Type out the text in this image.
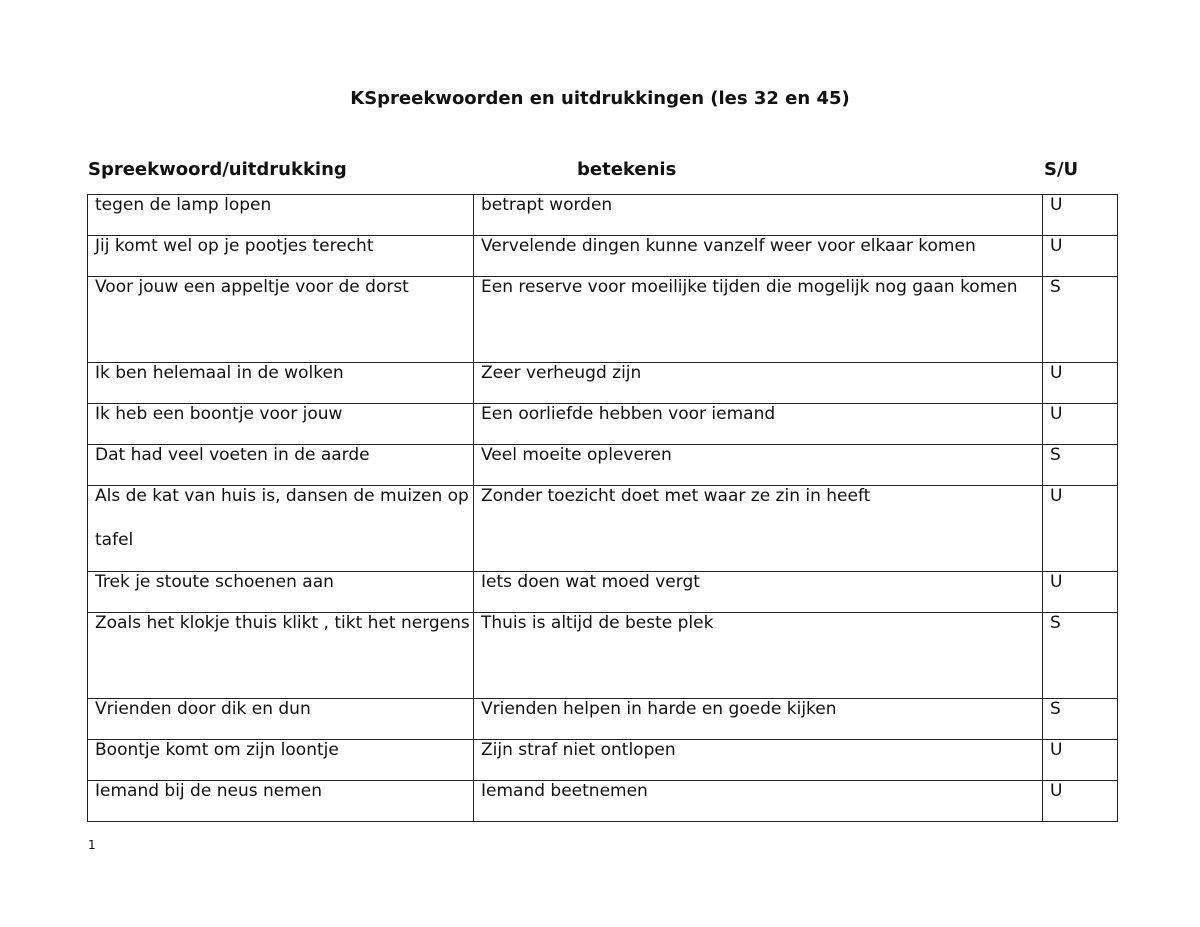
KSpreekwoorden en uitdrukkingen (les 32 en 45)
Spreekwoord/uitdrukking	betekenis	S/U
tegen de lamp lopen	betrapt worden	U

Jij komt wel op je pootjes terecht	Vervelende dingen kunne vanzelf weer voor elkaar komen	U

Voor jouw een appeltje voor de dorst	Een reserve voor moeilijke tijden die mogelijk nog gaan komen	S

Ik ben helemaal in de wolken	Zeer verheugd zijn	U

Ik heb een boontje voor jouw	Een oorliefde hebben voor iemand	U

Dat had veel voeten in de aarde	Veel moeite opleveren	S

Als de kat van huis is, dansen de muizen op tafel	Zonder toezicht doet met waar ze zin in heeft	U

Trek je stoute schoenen aan	Iets doen wat moed vergt	U

Zoals het klokje thuis klikt , tikt het nergens	Thuis is altijd de beste plek	S

Vrienden door dik en dun	Vrienden helpen in harde en goede kijken	S

Boontje komt om zijn loontje	Zijn straf niet ontlopen	U

Iemand bij de neus nemen	Iemand beetnemen	U
1
